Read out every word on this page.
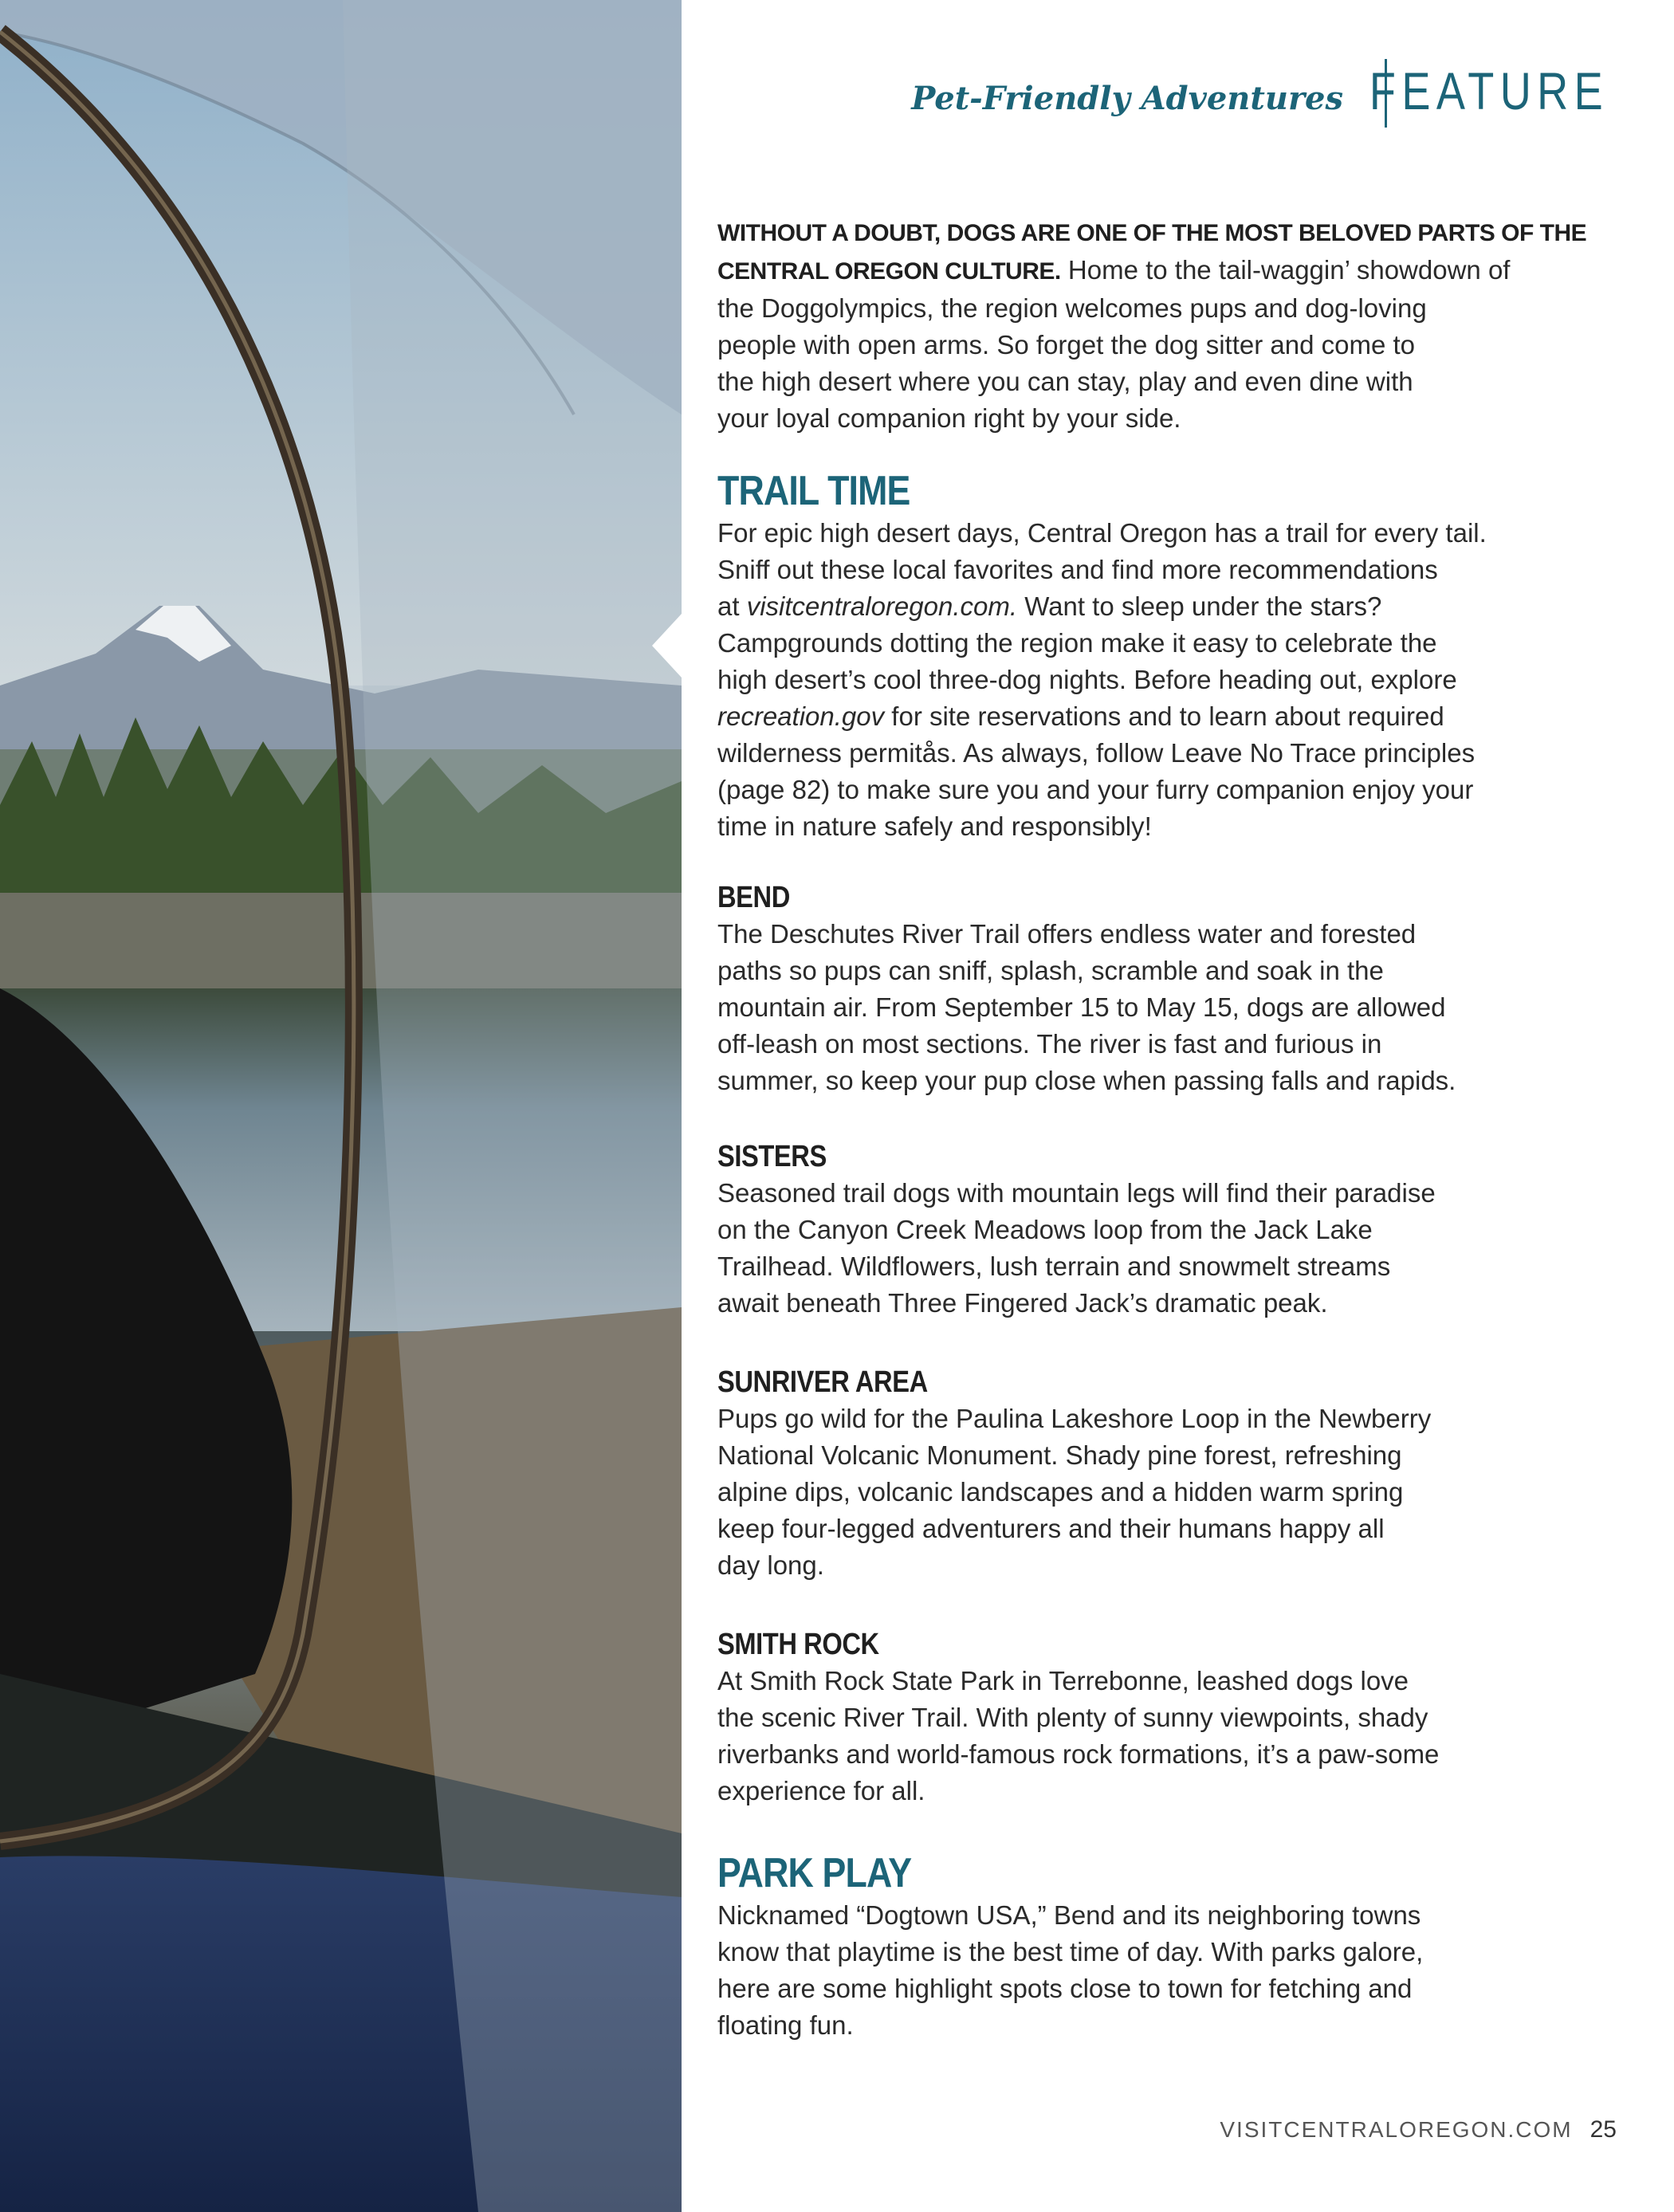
Pet-Friendly Adventures FEATURE

WITHOUT A DOUBT, DOGS ARE ONE OF THE MOST BELOVED PARTS OF THE

CENTRAL OREGON CULTURE. Home to the tail-waggin’ showdown of

the Doggolympics, the region welcomes pups and dog-loving

people with open arms. So forget the dog sitter and come to

the high desert where you can stay, play and even dine with

your loyal companion right by your side.

TRAIL TIME

For epic high desert days, Central Oregon has a trail for every tail.

Sniff out these local favorites and find more recommendations

at visitcentraloregon.com. Want to sleep under the stars?

Campgrounds dotting the region make it easy to celebrate the

high desert’s cool three-dog nights. Before heading out, explore

recreation.gov for site reservations and to learn about required

wilderness permitås. As always, follow Leave No Trace principles

(page 82) to make sure you and your furry companion enjoy your

time in nature safely and responsibly!

BEND

The Deschutes River Trail offers endless water and forested

paths so pups can sniff, splash, scramble and soak in the

mountain air. From September 15 to May 15, dogs are allowed

off-leash on most sections. The river is fast and furious in

summer, so keep your pup close when passing falls and rapids.

SISTERS

Seasoned trail dogs with mountain legs will find their paradise

on the Canyon Creek Meadows loop from the Jack Lake

Trailhead. Wildflowers, lush terrain and snowmelt streams

await beneath Three Fingered Jack’s dramatic peak.

SUNRIVER AREA

Pups go wild for the Paulina Lakeshore Loop in the Newberry

National Volcanic Monument. Shady pine forest, refreshing

alpine dips, volcanic landscapes and a hidden warm spring

keep four-legged adventurers and their humans happy all

day long.

SMITH ROCK

At Smith Rock State Park in Terrebonne, leashed dogs love

the scenic River Trail. With plenty of sunny viewpoints, shady

riverbanks and world-famous rock formations, it’s a paw-some

experience for all.

PARK PLAY

Nicknamed “Dogtown USA,” Bend and its neighboring towns

know that playtime is the best time of day. With parks galore,

here are some highlight spots close to town for fetching and

floating fun.

VISITCENTRALOREGON.COM 25
